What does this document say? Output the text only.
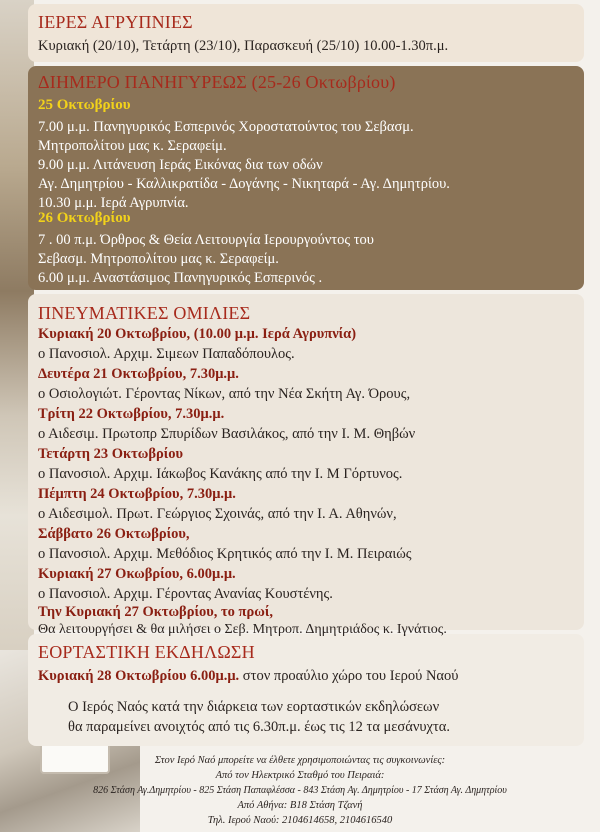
ΙΕΡΕΣ ΑΓΡΥΠΝΙΕΣ
Κυριακή (20/10), Τετάρτη (23/10), Παρασκευή (25/10) 10.00-1.30π.μ.
ΔΙΗΜΕΡΟ ΠΑΝΗΓΥΡΕΩΣ (25-26 Οκτωβρίου)
25 Οκτωβρίου
7.00 μ.μ. Πανηγυρικός Εσπερινός Χοροστατούντος του Σεβασμ.
Μητροπολίτου μας κ. Σεραφείμ.
9.00 μ.μ. Λιτάνευση Ιεράς Εικόνας δια των οδών
Αγ. Δημητρίου - Καλλικρατίδα - Δογάνης - Νικηταρά - Αγ. Δημητρίου.
10.30 μ.μ. Ιερά Αγρυπνία.
26 Οκτωβρίου
7 . 00 π.μ. Όρθρος & Θεία Λειτουργία Ιερουργούντος του
Σεβασμ. Μητροπολίτου μας κ. Σεραφείμ.
6.00 μ.μ. Αναστάσιμος Πανηγυρικός Εσπερινός .
ΠΝΕΥΜΑΤΙΚΕΣ ΟΜΙΛΙΕΣ
Κυριακή 20 Οκτωβρίου, (10.00 μ.μ. Ιερά Αγρυπνία)
ο Πανοσιολ. Αρχιμ. Σιμεων Παπαδόπουλος.
Δευτέρα 21 Οκτωβρίου, 7.30μ.μ.
ο Οσιολογιώτ. Γέροντας Νίκων, από την Νέα Σκήτη Αγ. Όρους,
Τρίτη 22 Οκτωβρίου, 7.30μ.μ.
ο Αιδεσιμ. Πρωτοπρ Σπυρίδων Βασιλάκος, από την Ι. Μ. Θηβών
Τετάρτη 23 Οκτωβρίου
ο Πανοσιολ. Αρχιμ. Ιάκωβος Κανάκης από την Ι. Μ Γόρτυνος.
Πέμπτη 24 Οκτωβρίου, 7.30μ.μ.
ο Αιδεσιμολ. Πρωτ. Γεώργιος Σχοινάς, από την Ι. Α. Αθηνών,
Σάββατο 26 Οκτωβρίου,
ο Πανοσιολ. Αρχιμ. Μεθόδιος Κρητικός από την Ι. Μ. Πειραιώς
Κυριακή 27 Οκωβρίου, 6.00μ.μ.
ο Πανοσιολ. Αρχιμ. Γέροντας Ανανίας Κουστένης.
Την Κυριακή 27 Οκτωβρίου, το πρωί,
Θα λειτουργήσει & θα μιλήσει ο Σεβ. Μητροπ. Δημητριάδος κ. Ιγνάτιος.
ΕΟΡΤΑΣΤΙΚΗ ΕΚΔΗΛΩΣΗ
Κυριακή 28 Οκτωβρίου 6.00μ.μ. στον προαύλιο χώρο του Ιερού Ναού
Ο Ιερός Ναός κατά την διάρκεια των εορταστικών εκδηλώσεων
θα παραμείνει ανοιχτός από τις 6.30π.μ. έως τις 12 τα μεσάνυχτα.
Στον Ιερό Ναό μπορείτε να έλθετε χρησιμοποιώντας τις συγκοινωνίες:
Από τον Ηλεκτρικό Σταθμό του Πειραιά:
826 Στάση Αγ.Δημητρίου - 825 Στάση Παπαφλέσσα - 843 Στάση Αγ. Δημητρίου - 17 Στάση Αγ. Δημητρίου
Από Αθήνα: Β18 Στάση Τζανή
Τηλ. Ιερού Ναού: 2104614658, 2104616540
